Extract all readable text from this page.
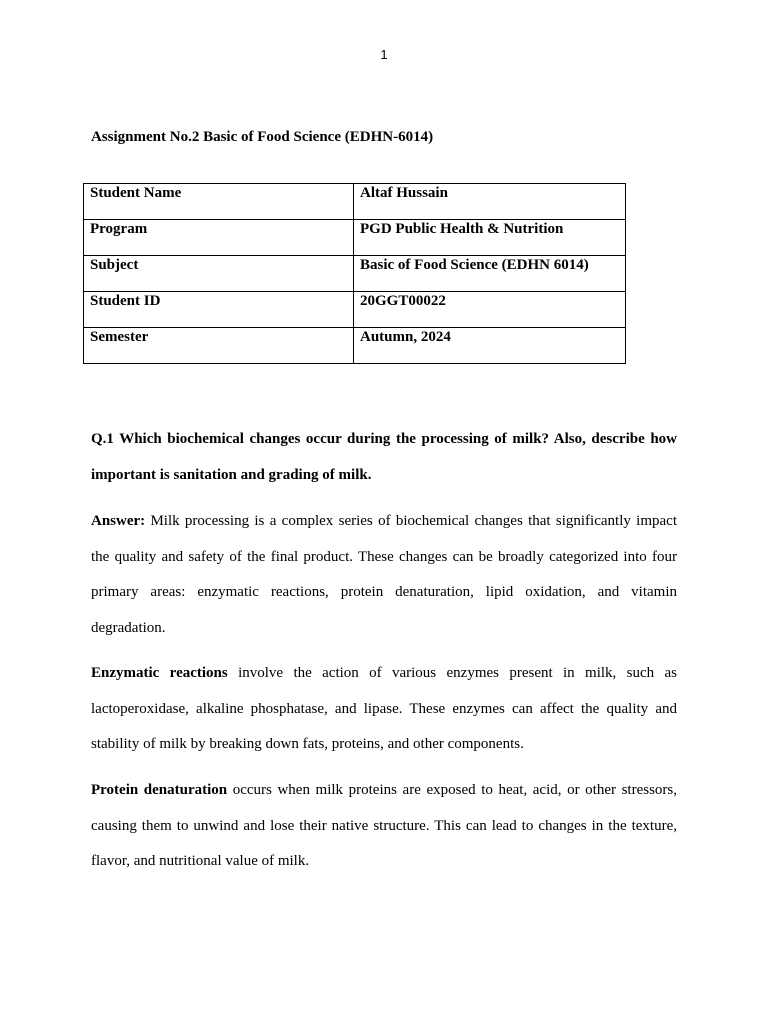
1
Assignment No.2 Basic of Food Science (EDHN-6014)
Student Name	Altaf Hussain
Program	PGD Public Health & Nutrition
Subject	Basic of Food Science (EDHN 6014)
Student ID	20GGT00022
Semester	Autumn, 2024

Q.1 Which biochemical changes occur during the processing of milk? Also, describe how important is sanitation and grading of milk.

Answer: Milk processing is a complex series of biochemical changes that significantly impact the quality and safety of the final product. These changes can be broadly categorized into four primary areas: enzymatic reactions, protein denaturation, lipid oxidation, and vitamin degradation.

Enzymatic reactions involve the action of various enzymes present in milk, such as lactoperoxidase, alkaline phosphatase, and lipase. These enzymes can affect the quality and stability of milk by breaking down fats, proteins, and other components.

Protein denaturation occurs when milk proteins are exposed to heat, acid, or other stressors, causing them to unwind and lose their native structure. This can lead to changes in the texture, flavor, and nutritional value of milk.
